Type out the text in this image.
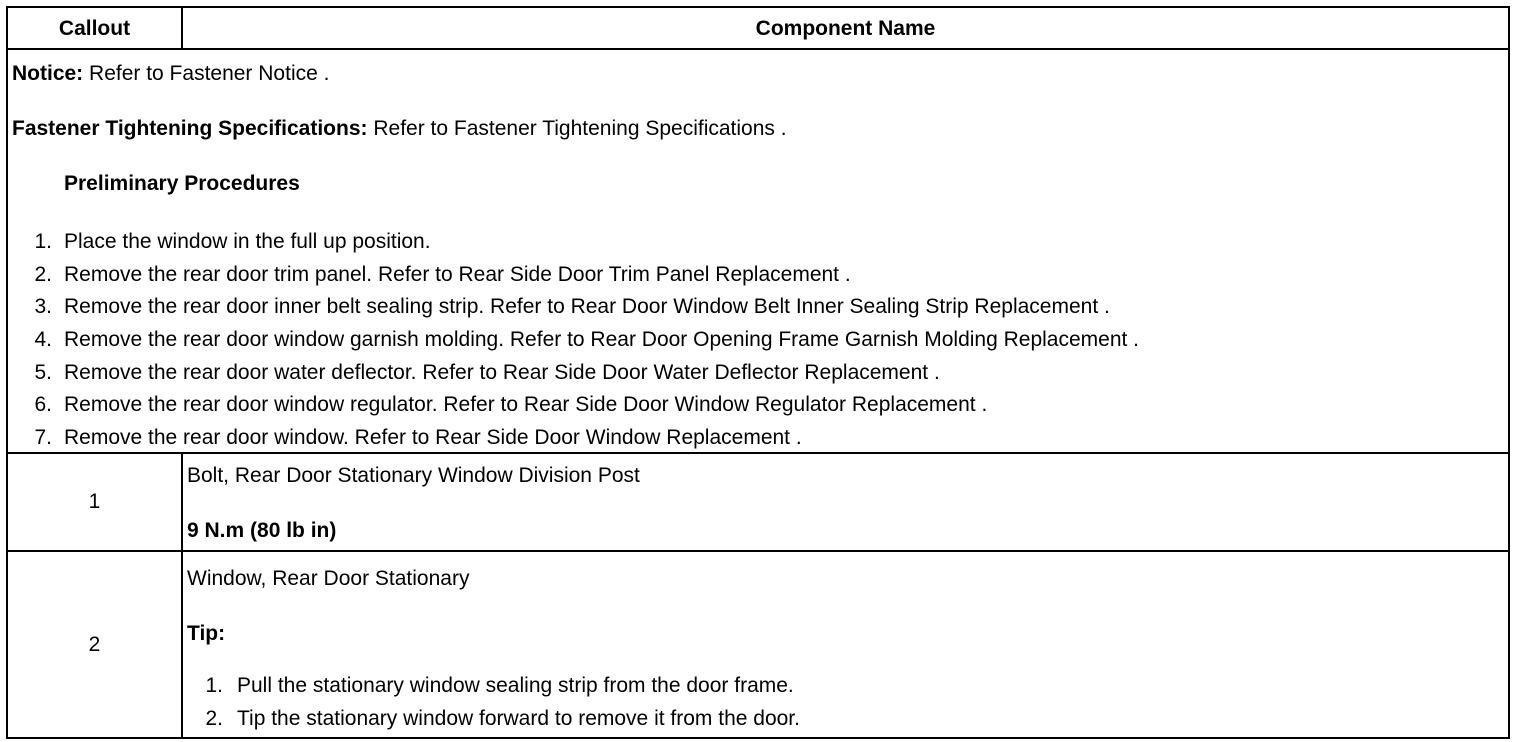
Callout	Component Name
Notice: Refer to Fastener Notice .
Fastener Tightening Specifications: Refer to Fastener Tightening Specifications .
Preliminary Procedures
1. Place the window in the full up position.
2. Remove the rear door trim panel. Refer to Rear Side Door Trim Panel Replacement .
3. Remove the rear door inner belt sealing strip. Refer to Rear Door Window Belt Inner Sealing Strip Replacement .
4. Remove the rear door window garnish molding. Refer to Rear Door Opening Frame Garnish Molding Replacement .
5. Remove the rear door water deflector. Refer to Rear Side Door Water Deflector Replacement .
6. Remove the rear door window regulator. Refer to Rear Side Door Window Regulator Replacement .
7. Remove the rear door window. Refer to Rear Side Door Window Replacement .
1
Bolt, Rear Door Stationary Window Division Post
9 N.m (80 lb in)
2
Window, Rear Door Stationary
Tip:
1. Pull the stationary window sealing strip from the door frame.
2. Tip the stationary window forward to remove it from the door.
